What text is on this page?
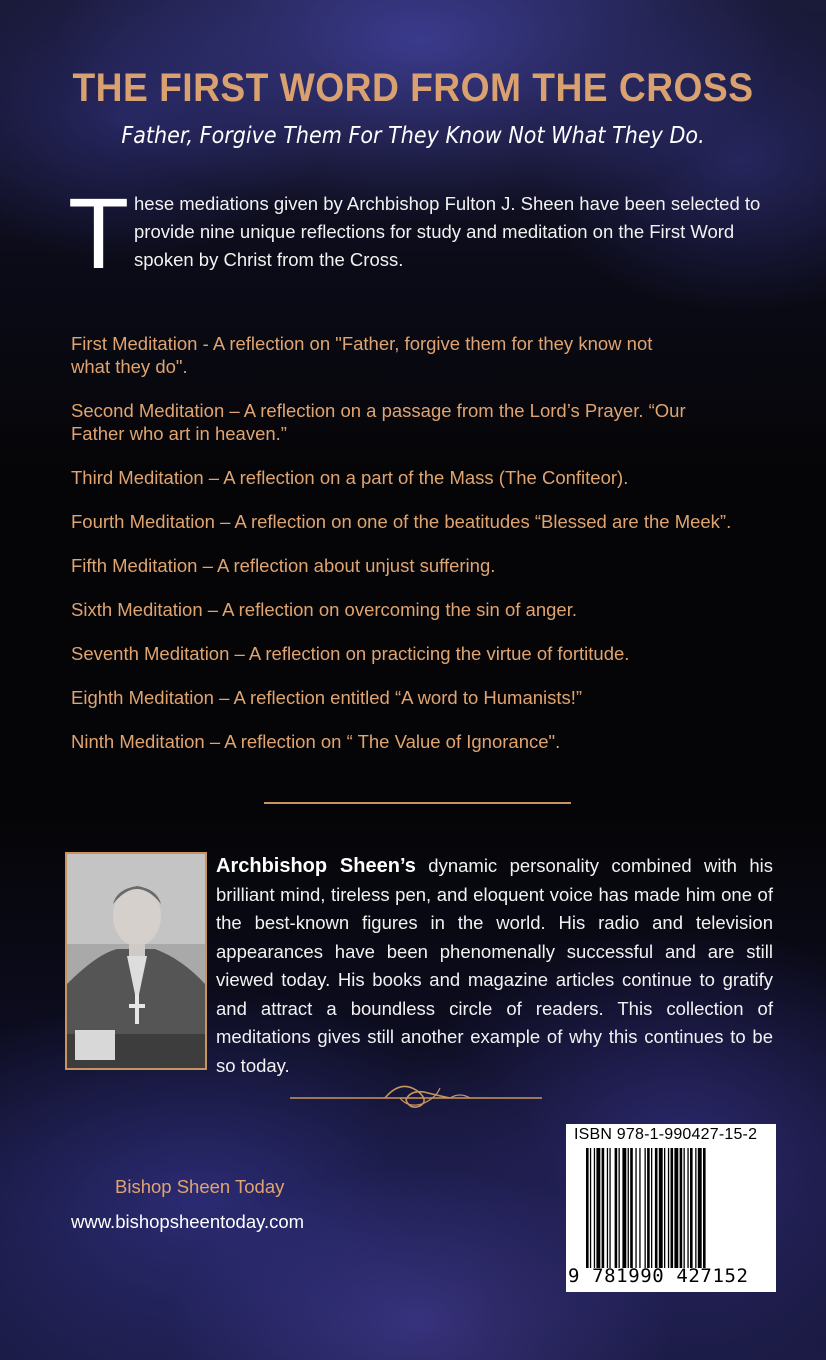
THE FIRST WORD FROM THE CROSS

Father, Forgive Them For They Know Not What They Do.

T hese mediations given by Archbishop Fulton J. Sheen have been selected to provide nine unique reflections for study and meditation on the First Word spoken by Christ from the Cross.
First Meditation - A reflection on "Father, forgive them for they know not what they do".
Second Meditation – A reflection on a passage from the Lord’s Prayer. “Our Father who art in heaven.”
Third Meditation – A reflection on a part of the Mass (The Confiteor).
Fourth Meditation – A reflection on one of the beatitudes “Blessed are the Meek”.
Fifth Meditation – A reflection about unjust suffering.
Sixth Meditation – A reflection on overcoming the sin of anger.
Seventh Meditation – A reflection on practicing the virtue of fortitude.
Eighth Meditation – A reflection entitled “A word to Humanists!”
Ninth Meditation – A reflection on “ The Value of Ignorance".

Archbishop Sheen’s dynamic personality combined with his brilliant mind, tireless pen, and eloquent voice has made him one of the best-known figures in the world. His radio and television appearances have been phenomenally successful and are still viewed today. His books and magazine articles continue to gratify and attract a boundless circle of readers. This collection of meditations gives still another example of why this continues to be so today.

Bishop Sheen Today
www.bishopsheentoday.com
ISBN 978-1-990427-15-2
9 781990 427152
